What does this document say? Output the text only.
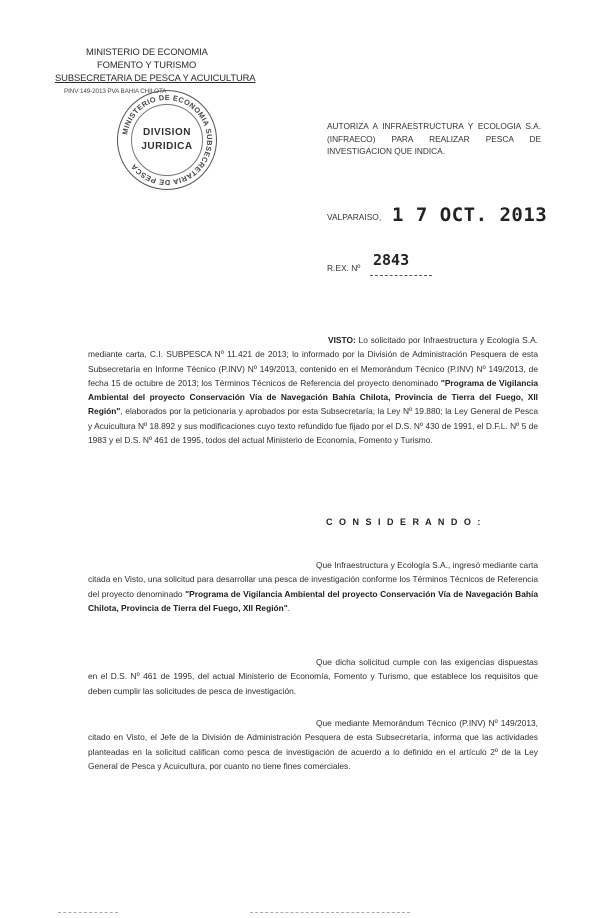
MINISTERIO DE ECONOMIA
FOMENTO Y TURISMO
SUBSECRETARIA DE PESCA Y ACUICULTURA
PINV 149-2013 PVA BAHIA CHILOTA
MINISTERIO DE ECONOMIA SUBSECRETARIA DE PESCA
DIVISION
JURIDICA
AUTORIZA A INFRAESTRUCTURA Y ECOLOGIA S.A. (INFRAECO) PARA REALIZAR PESCA DE INVESTIGACION QUE INDICA.
VALPARAISO, 1 7 OCT. 2013
R.EX. Nº 2843
VISTO: Lo solicitado por Infraestructura y Ecología S.A. mediante carta, C.I. SUBPESCA Nº 11.421 de 2013; lo informado por la División de Administración Pesquera de esta Subsecretaría en Informe Técnico (P.INV) Nº 149/2013, contenido en el Memorándum Técnico (P.INV) Nº 149/2013, de fecha 15 de octubre de 2013; los Términos Técnicos de Referencia del proyecto denominado "Programa de Vigilancia Ambiental del proyecto Conservación Vía de Navegación Bahía Chilota, Provincia de Tierra del Fuego, XII Región", elaborados por la peticionaria y aprobados por esta Subsecretaría; la Ley Nº 19.880; la Ley General de Pesca y Acuicultura Nº 18.892 y sus modificaciones cuyo texto refundido fue fijado por el D.S. Nº 430 de 1991, el D.F.L. Nº 5 de 1983 y el D.S. Nº 461 de 1995, todos del actual Ministerio de Economía, Fomento y Turismo.
C O N S I D E R A N D O :
Que Infraestructura y Ecología S.A., ingresó mediante carta citada en Visto, una solicitud para desarrollar una pesca de investigación conforme los Términos Técnicos de Referencia del proyecto denominado "Programa de Vigilancia Ambiental del proyecto Conservación Vía de Navegación Bahía Chilota, Provincia de Tierra del Fuego, XII Región".
Que dicha solicitud cumple con las exigencias dispuestas en el D.S. Nº 461 de 1995, del actual Ministerio de Economía, Fomento y Turismo, que establece los requisitos que deben cumplir las solicitudes de pesca de investigación.
Que mediante Memorándum Técnico (P.INV) Nº 149/2013, citado en Visto, el Jefe de la División de Administración Pesquera de esta Subsecretaría, informa que las actividades planteadas en la solicitud califican como pesca de investigación de acuerdo a lo definido en el artículo 2º de la Ley General de Pesca y Acuicultura, por cuanto no tiene fines comerciales.
